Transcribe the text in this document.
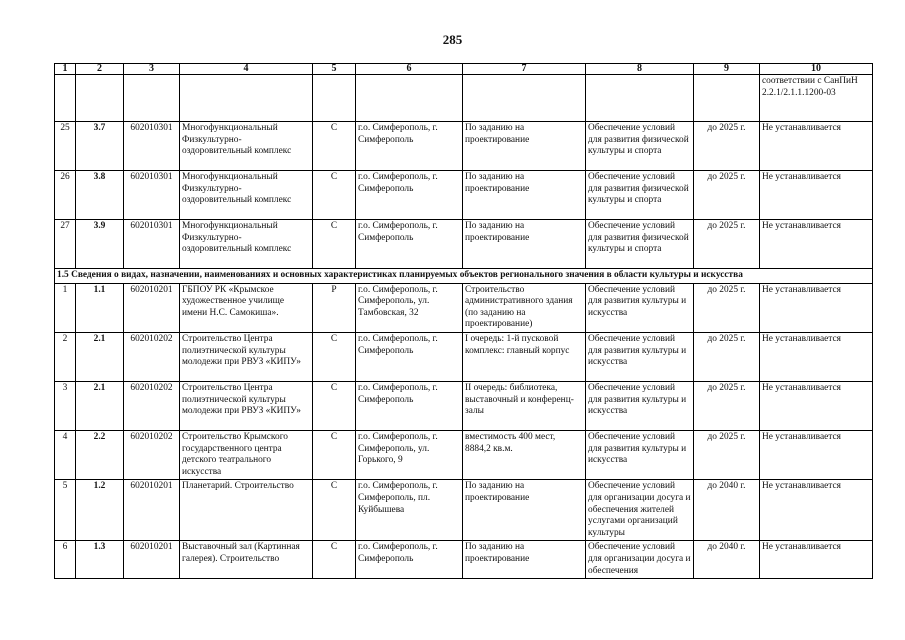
285
1	2	3	4	5	6	7	8	9	10
									соответствии с СанПиН 2.2.1/2.1.1.1200-03
25	3.7	602010301	Многофункциональный Физкультурно-оздоровительный комплекс	С	г.о. Симферополь, г. Симферополь	По заданию на проектирование	Обеспечение условий для развития физической культуры и спорта	до 2025 г.	Не устанавливается
26	3.8	602010301	Многофункциональный Физкультурно-оздоровительный комплекс	С	г.о. Симферополь, г. Симферополь	По заданию на проектирование	Обеспечение условий для развития физической культуры и спорта	до 2025 г.	Не устанавливается
27	3.9	602010301	Многофункциональный Физкультурно-оздоровительный комплекс	С	г.о. Симферополь, г. Симферополь	По заданию на проектирование	Обеспечение условий для развития физической культуры и спорта	до 2025 г.	Не устанавливается
1.5 Сведения о видах, назначении, наименованиях и основных характеристиках планируемых объектов регионального значения в области культуры и искусства									
1	1.1	602010201	ГБПОУ РК «Крымское художественное училище имени Н.С. Самокиша».	Р	г.о. Симферополь, г. Симферополь, ул. Тамбовская, 32	Строительство административного здания (по заданию на проектирование)	Обеспечение условий для развития культуры и искусства	до 2025 г.	Не устанавливается
2	2.1	602010202	Строительство Центра полиэтнической культуры молодежи при РВУЗ «КИПУ»	С	г.о. Симферополь, г. Симферополь	I очередь: 1-й пусковой комплекс: главный корпус	Обеспечение условий для развития культуры и искусства	до 2025 г.	Не устанавливается
3	2.1	602010202	Строительство Центра полиэтнической культуры молодежи при РВУЗ «КИПУ»	С	г.о. Симферополь, г. Симферополь	II очередь: библиотека, выставочный и конференц-залы	Обеспечение условий для развития культуры и искусства	до 2025 г.	Не устанавливается
4	2.2	602010202	Строительство Крымского государственного центра детского театрального искусства	С	г.о. Симферополь, г. Симферополь, ул. Горького, 9	вместимость 400 мест, 8884,2 кв.м.	Обеспечение условий для развития культуры и искусства	до 2025 г.	Не устанавливается
5	1.2	602010201	Планетарий. Строительство	С	г.о. Симферополь, г. Симферополь, пл. Куйбышева	По заданию на проектирование	Обеспечение условий для организации досуга и обеспечения жителей услугами организаций культуры	до 2040 г.	Не устанавливается
6	1.3	602010201	Выставочный зал (Картинная галерея). Строительство	С	г.о. Симферополь, г. Симферополь	По заданию на проектирование	Обеспечение условий для организации досуга и обеспечения	до 2040 г.	Не устанавливается
